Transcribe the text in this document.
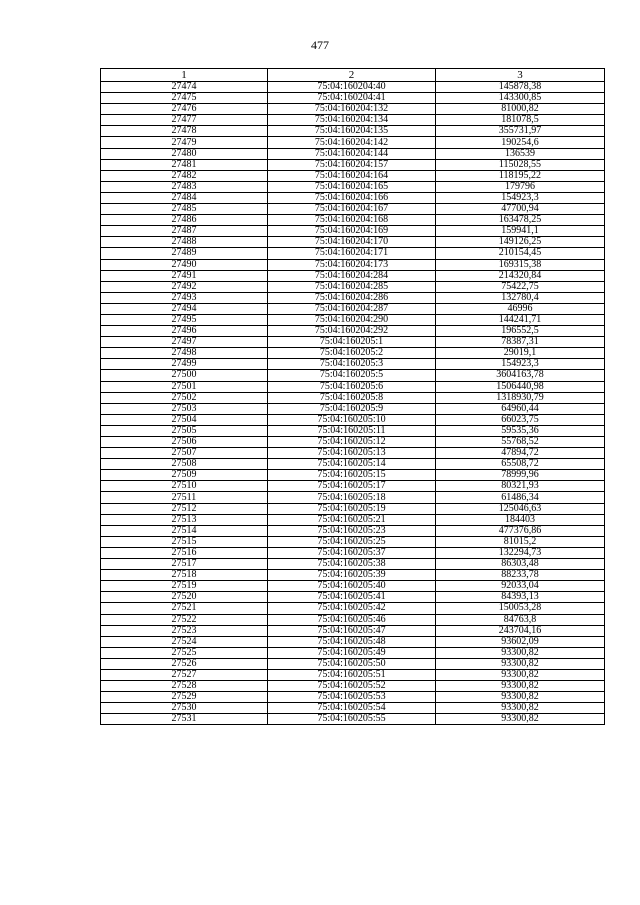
477
1	2	3
27474	75:04:160204:40	145878,38
27475	75:04:160204:41	143300,85
27476	75:04:160204:132	81000,82
27477	75:04:160204:134	181078,5
27478	75:04:160204:135	355731,97
27479	75:04:160204:142	190254,6
27480	75:04:160204:144	136539
27481	75:04:160204:157	115028,55
27482	75:04:160204:164	118195,22
27483	75:04:160204:165	179796
27484	75:04:160204:166	154923,3
27485	75:04:160204:167	47700,94
27486	75:04:160204:168	163478,25
27487	75:04:160204:169	159941,1
27488	75:04:160204:170	149126,25
27489	75:04:160204:171	210154,45
27490	75:04:160204:173	169315,38
27491	75:04:160204:284	214320,84
27492	75:04:160204:285	75422,75
27493	75:04:160204:286	132780,4
27494	75:04:160204:287	46996
27495	75:04:160204:290	144241,71
27496	75:04:160204:292	196552,5
27497	75:04:160205:1	78387,31
27498	75:04:160205:2	29019,1
27499	75:04:160205:3	154923,3
27500	75:04:160205:5	3604163,78
27501	75:04:160205:6	1506440,98
27502	75:04:160205:8	1318930,79
27503	75:04:160205:9	64960,44
27504	75:04:160205:10	66023,75
27505	75:04:160205:11	59535,36
27506	75:04:160205:12	55768,52
27507	75:04:160205:13	47894,72
27508	75:04:160205:14	65508,72
27509	75:04:160205:15	78999,96
27510	75:04:160205:17	80321,93
27511	75:04:160205:18	61486,34
27512	75:04:160205:19	125046,63
27513	75:04:160205:21	184403
27514	75:04:160205:23	477376,86
27515	75:04:160205:25	81015,2
27516	75:04:160205:37	132294,73
27517	75:04:160205:38	86303,48
27518	75:04:160205:39	88233,78
27519	75:04:160205:40	92033,04
27520	75:04:160205:41	84393,13
27521	75:04:160205:42	150053,28
27522	75:04:160205:46	84763,8
27523	75:04:160205:47	243704,16
27524	75:04:160205:48	93602,09
27525	75:04:160205:49	93300,82
27526	75:04:160205:50	93300,82
27527	75:04:160205:51	93300,82
27528	75:04:160205:52	93300,82
27529	75:04:160205:53	93300,82
27530	75:04:160205:54	93300,82
27531	75:04:160205:55	93300,82
